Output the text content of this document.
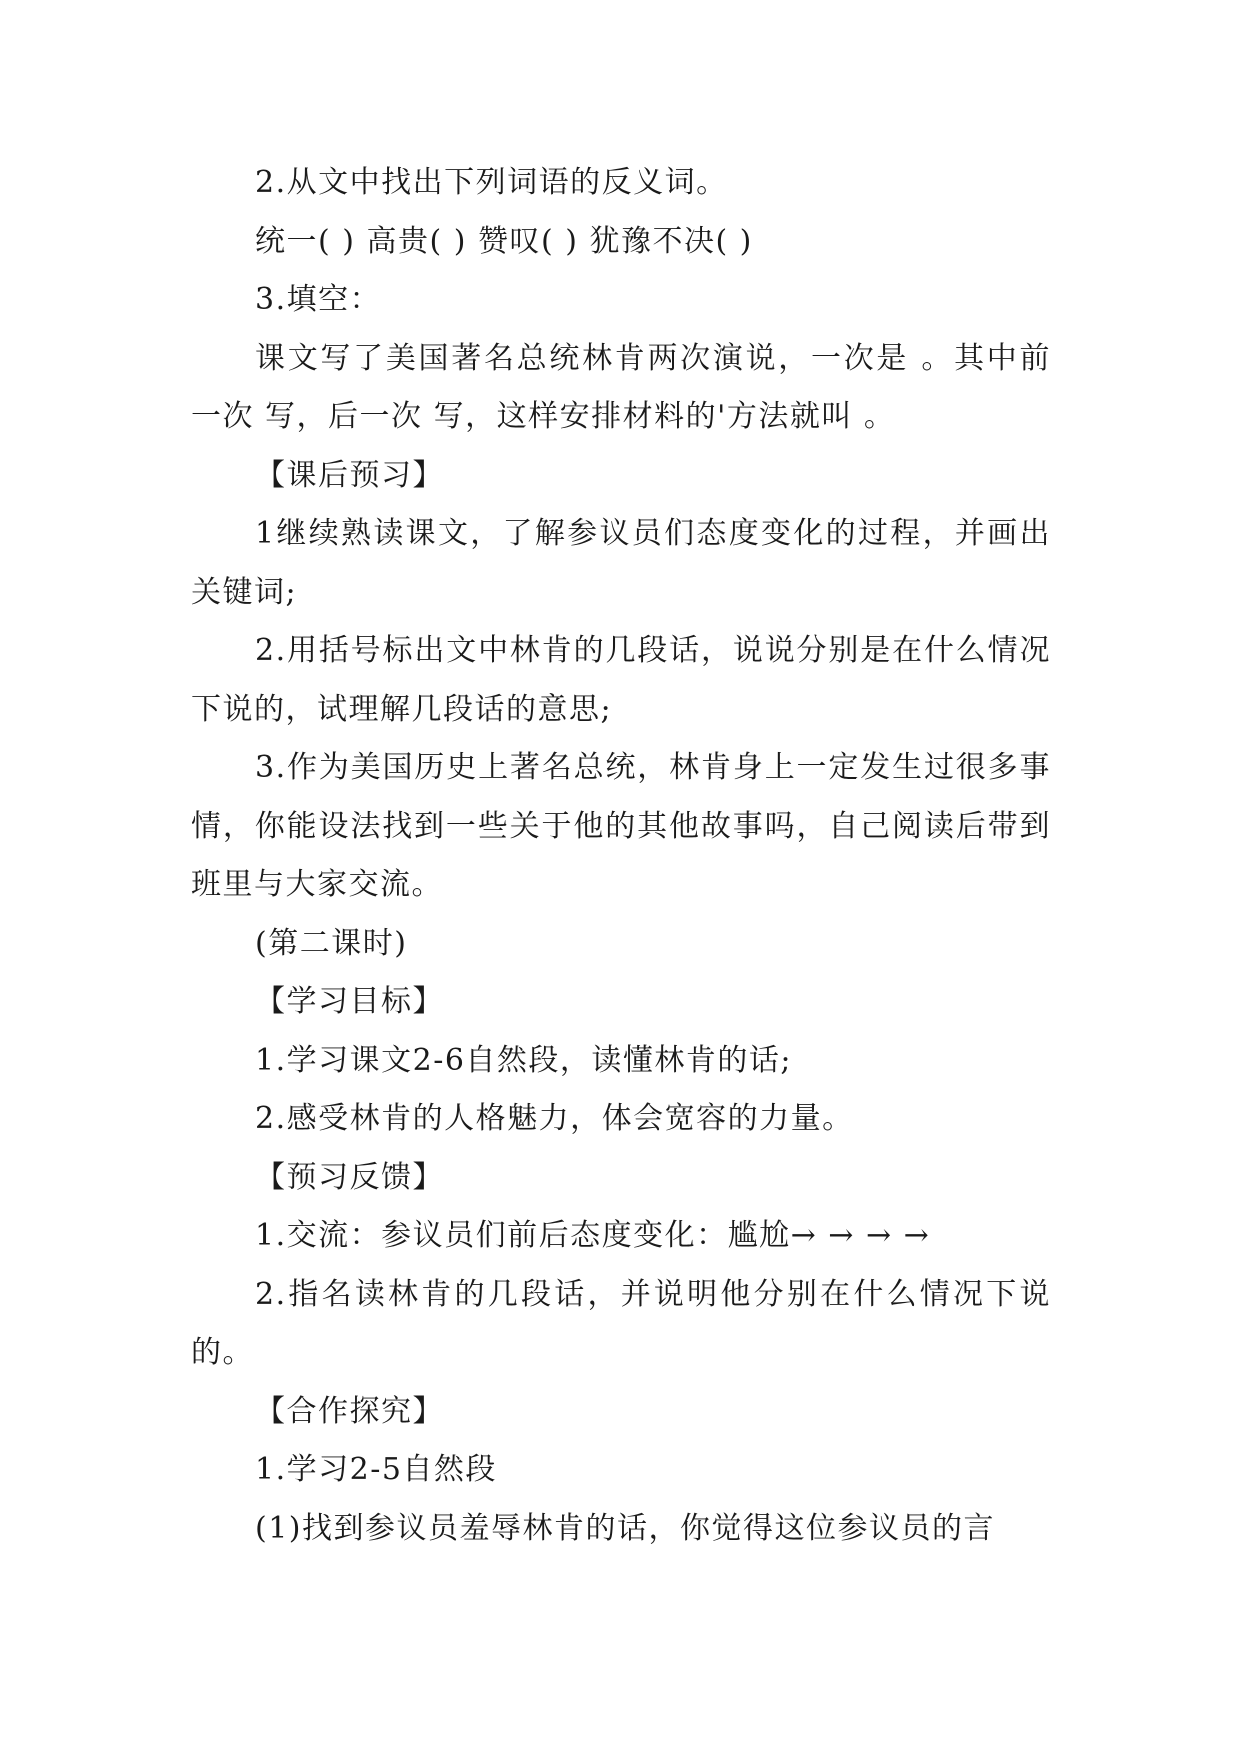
2.从文中找出下列词语的反义词。

统一( ) 高贵( ) 赞叹( ) 犹豫不决( )

3.填空：

课文写了美国著名总统林肯两次演说，一次是 。其中前一次 写，后一次 写，这样安排材料的'方法就叫 。

【课后预习】

1继续熟读课文，了解参议员们态度变化的过程，并画出关键词;

2.用括号标出文中林肯的几段话，说说分别是在什么情况下说的，试理解几段话的意思;

3.作为美国历史上著名总统，林肯身上一定发生过很多事情，你能设法找到一些关于他的其他故事吗，自己阅读后带到班里与大家交流。

(第二课时)

【学习目标】

1.学习课文2-6自然段，读懂林肯的话;

2.感受林肯的人格魅力，体会宽容的力量。

【预习反馈】

1.交流：参议员们前后态度变化：尴尬→ → → →

2.指名读林肯的几段话，并说明他分别在什么情况下说的。

【合作探究】

1.学习2-5自然段

(1)找到参议员羞辱林肯的话，你觉得这位参议员的言
